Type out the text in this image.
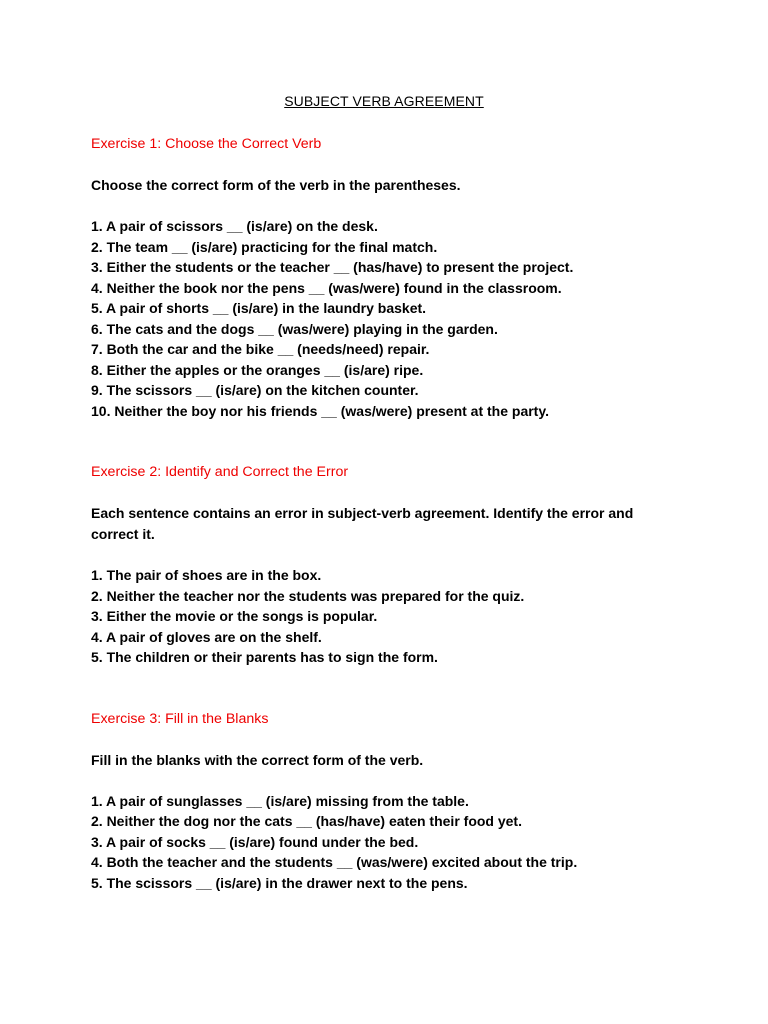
SUBJECT VERB AGREEMENT
Exercise 1: Choose the Correct Verb
Choose the correct form of the verb in the parentheses.
1. A pair of scissors __ (is/are) on the desk.
2. The team __ (is/are) practicing for the final match.
3. Either the students or the teacher __ (has/have) to present the project.
4. Neither the book nor the pens __ (was/were) found in the classroom.
5. A pair of shorts __ (is/are) in the laundry basket.
6. The cats and the dogs __ (was/were) playing in the garden.
7. Both the car and the bike __ (needs/need) repair.
8. Either the apples or the oranges __ (is/are) ripe.
9. The scissors __ (is/are) on the kitchen counter.
10. Neither the boy nor his friends __ (was/were) present at the party.
Exercise 2: Identify and Correct the Error
Each sentence contains an error in subject-verb agreement. Identify the error and
correct it.
1. The pair of shoes are in the box.
2. Neither the teacher nor the students was prepared for the quiz.
3. Either the movie or the songs is popular.
4. A pair of gloves are on the shelf.
5. The children or their parents has to sign the form.
Exercise 3: Fill in the Blanks
Fill in the blanks with the correct form of the verb.
1. A pair of sunglasses __ (is/are) missing from the table.
2. Neither the dog nor the cats __ (has/have) eaten their food yet.
3. A pair of socks __ (is/are) found under the bed.
4. Both the teacher and the students __ (was/were) excited about the trip.
5. The scissors __ (is/are) in the drawer next to the pens.
